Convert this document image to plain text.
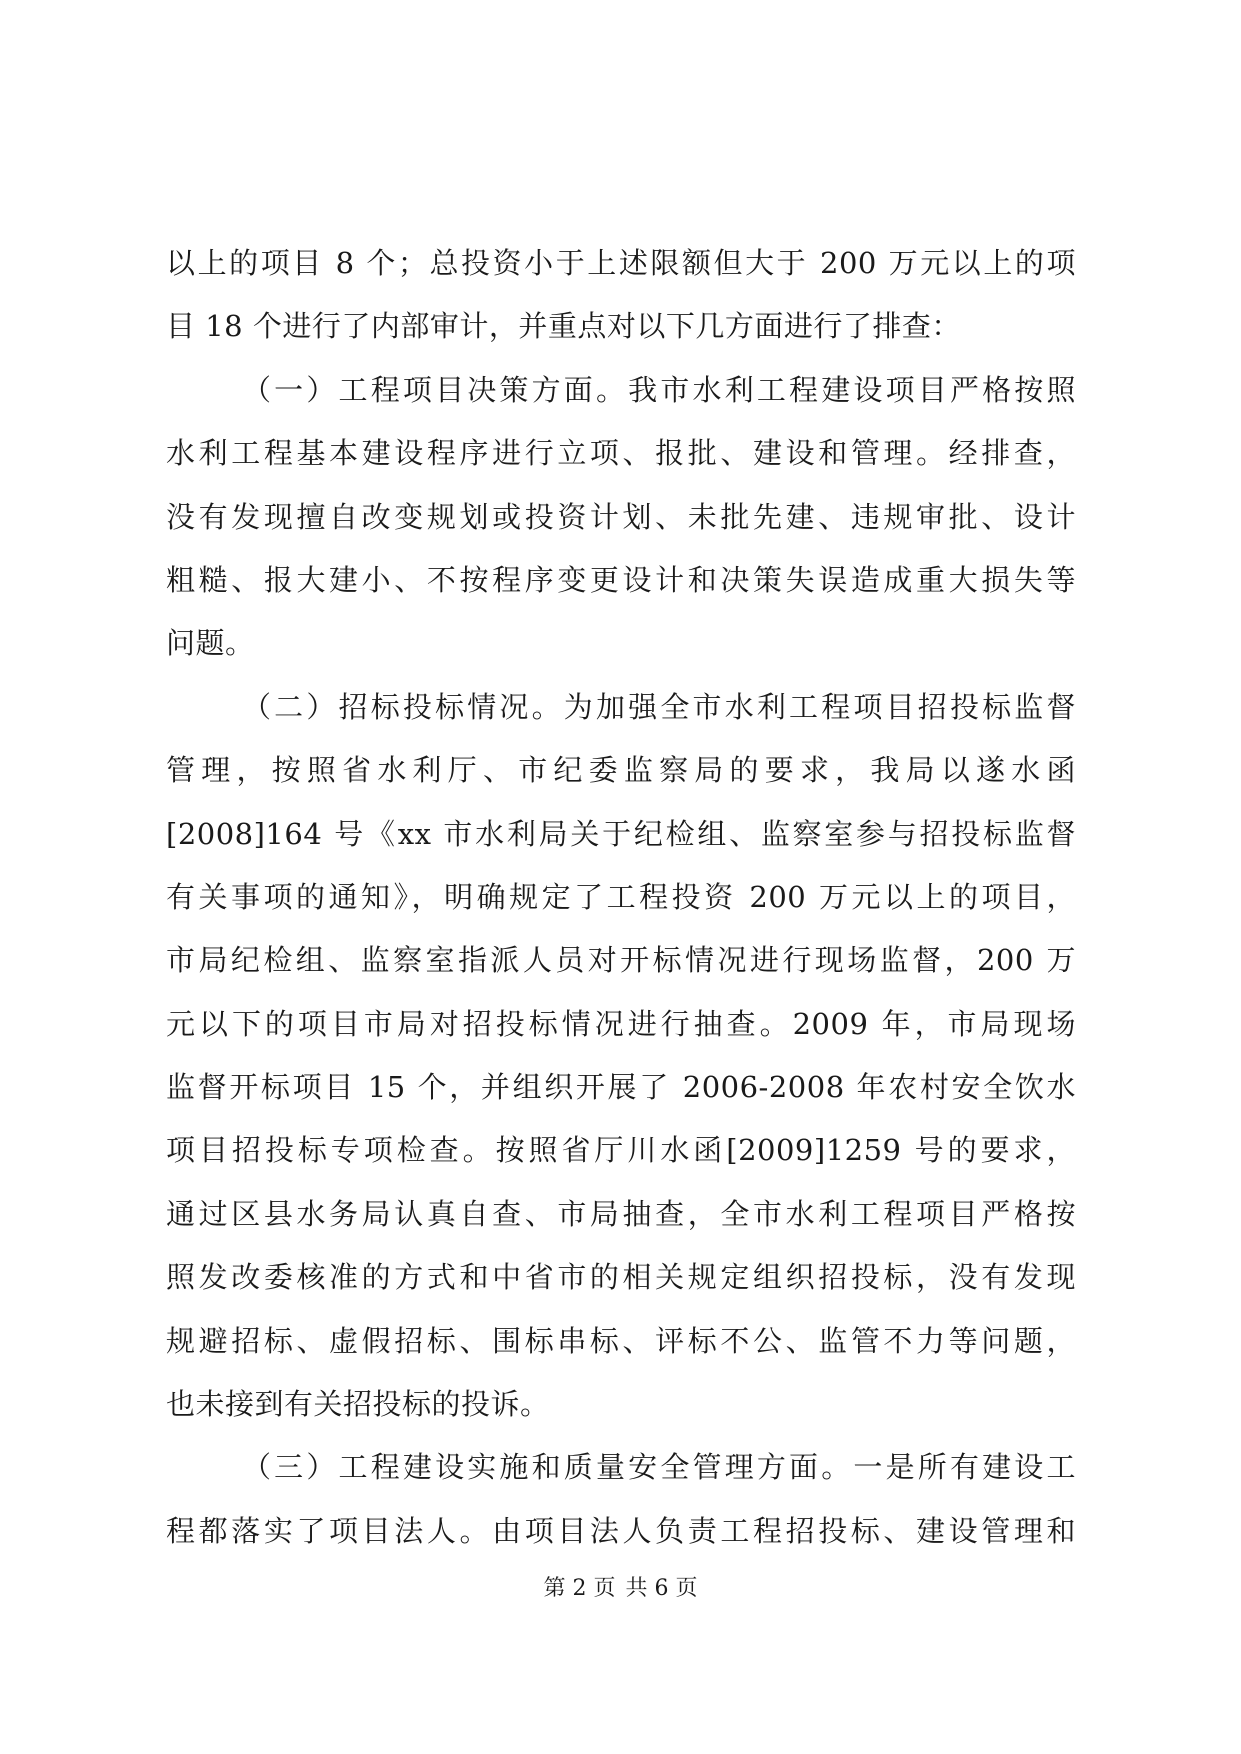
以上的项目 8 个；总投资小于上述限额但大于 200 万元以上的项
目 18 个进行了内部审计，并重点对以下几方面进行了排查：
（一）工程项目决策方面。我市水利工程建设项目严格按照
水利工程基本建设程序进行立项、报批、建设和管理。经排查，
没有发现擅自改变规划或投资计划、未批先建、违规审批、设计
粗糙、报大建小、不按程序变更设计和决策失误造成重大损失等
问题。
（二）招标投标情况。为加强全市水利工程项目招投标监督
管理，按照省水利厅、市纪委监察局的要求，我局以遂水函
[2008]164 号《xx 市水利局关于纪检组、监察室参与招投标监督
有关事项的通知》，明确规定了工程投资 200 万元以上的项目，
市局纪检组、监察室指派人员对开标情况进行现场监督，200 万
元以下的项目市局对招投标情况进行抽查。2009 年，市局现场
监督开标项目 15 个，并组织开展了 2006-2008 年农村安全饮水
项目招投标专项检查。按照省厅川水函[2009]1259 号的要求，
通过区县水务局认真自查、市局抽查，全市水利工程项目严格按
照发改委核准的方式和中省市的相关规定组织招投标，没有发现
规避招标、虚假招标、围标串标、评标不公、监管不力等问题，
也未接到有关招投标的投诉。
（三）工程建设实施和质量安全管理方面。一是所有建设工
程都落实了项目法人。由项目法人负责工程招投标、建设管理和
第 2 页 共 6 页
